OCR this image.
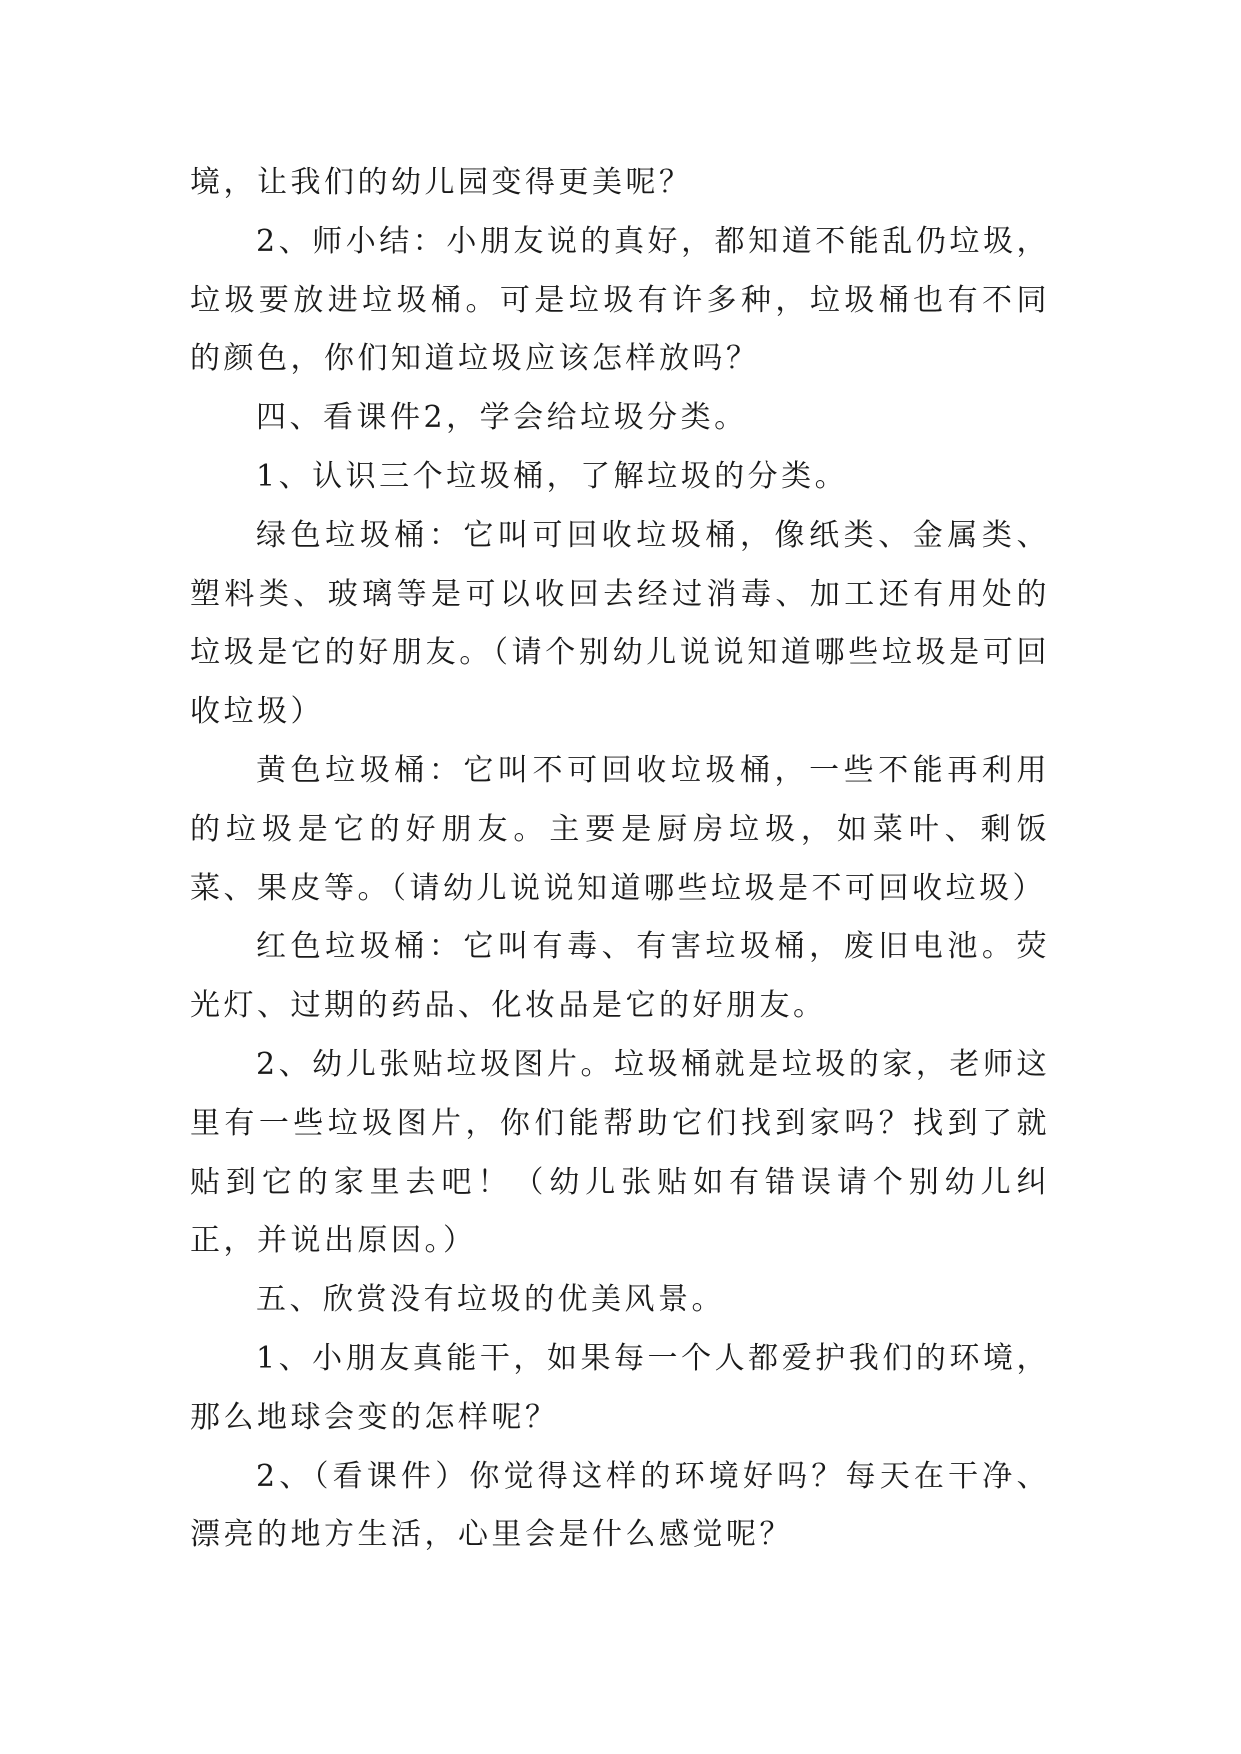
境，让我们的幼儿园变得更美呢？

2、师小结：小朋友说的真好，都知道不能乱仍垃圾，垃圾要放进垃圾桶。可是垃圾有许多种，垃圾桶也有不同的颜色，你们知道垃圾应该怎样放吗？

四、看课件2，学会给垃圾分类。

1、认识三个垃圾桶，了解垃圾的分类。

绿色垃圾桶：它叫可回收垃圾桶，像纸类、金属类、塑料类、玻璃等是可以收回去经过消毒、加工还有用处的垃圾是它的好朋友。（请个别幼儿说说知道哪些垃圾是可回收垃圾）

黄色垃圾桶：它叫不可回收垃圾桶，一些不能再利用的垃圾是它的好朋友。主要是厨房垃圾，如菜叶、剩饭菜、果皮等。（请幼儿说说知道哪些垃圾是不可回收垃圾）

红色垃圾桶：它叫有毒、有害垃圾桶，废旧电池。荧光灯、过期的药品、化妆品是它的好朋友。

2、幼儿张贴垃圾图片。垃圾桶就是垃圾的家，老师这里有一些垃圾图片，你们能帮助它们找到家吗？找到了就贴到它的家里去吧！（幼儿张贴如有错误请个别幼儿纠正，并说出原因。）

五、欣赏没有垃圾的优美风景。

1、小朋友真能干，如果每一个人都爱护我们的环境，那么地球会变的怎样呢？

2、（看课件）你觉得这样的环境好吗？每天在干净、漂亮的地方生活，心里会是什么感觉呢？
